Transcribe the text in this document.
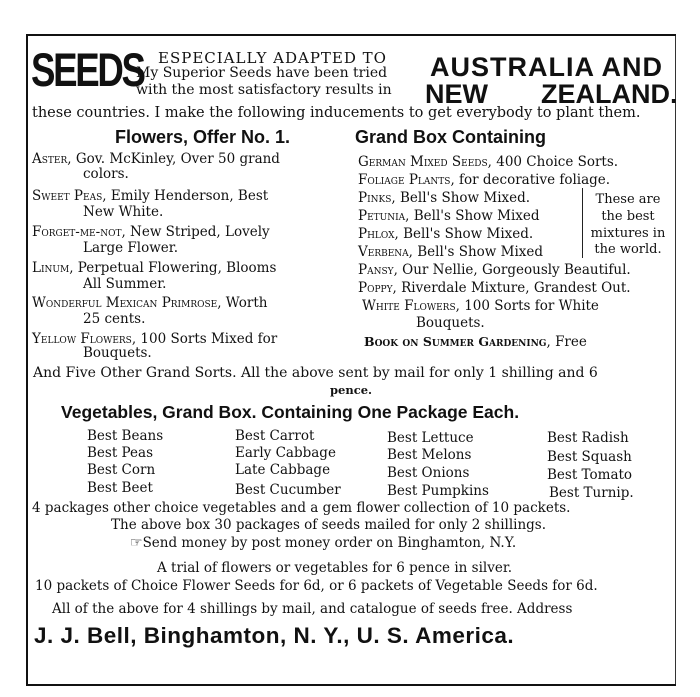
SEEDS ESPECIALLY ADAPTED TO
My Superior Seeds have been tried
with the most satisfactory results in
AUSTRALIA AND
NEW ZEALAND.
these countries. I make the following inducements to get everybody to plant them.
Flowers, Offer No. 1.
Aster, Gov. McKinley, Over 50 grand
colors.
Sweet Peas, Emily Henderson, Best
New White.
Forget-me-not, New Striped, Lovely
Large Flower.
Linum, Perpetual Flowering, Blooms
All Summer.
Wonderful Mexican Primrose, Worth
25 cents.
Yellow Flowers, 100 Sorts Mixed for
Bouquets.
Grand Box Containing
German Mixed Seeds, 400 Choice Sorts.
Foliage Plants, for decorative foliage.
Pinks, Bell's Show Mixed.
Petunia, Bell's Show Mixed
Phlox, Bell's Show Mixed.
Verbena, Bell's Show Mixed
These are
the best
mixtures in
the world.
Pansy, Our Nellie, Gorgeously Beautiful.
Poppy, Riverdale Mixture, Grandest Out.
White Flowers, 100 Sorts for White
Bouquets.
Book on Summer Gardening, Free
And Five Other Grand Sorts. All the above sent by mail for only 1 shilling and 6
pence.
Vegetables, Grand Box. Containing One Package Each.
Best Beans
Best Peas
Best Corn
Best Beet
Best Carrot
Early Cabbage
Late Cabbage
Best Cucumber
Best Lettuce
Best Melons
Best Onions
Best Pumpkins
Best Radish
Best Squash
Best Tomato
Best Turnip.
4 packages other choice vegetables and a gem flower collection of 10 packets.
The above box 30 packages of seeds mailed for only 2 shillings.
☞Send money by post money order on Binghamton, N.Y.
A trial of flowers or vegetables for 6 pence in silver.
10 packets of Choice Flower Seeds for 6d, or 6 packets of Vegetable Seeds for 6d.
All of the above for 4 shillings by mail, and catalogue of seeds free. Address
J. J. Bell, Binghamton, N. Y., U. S. America.
